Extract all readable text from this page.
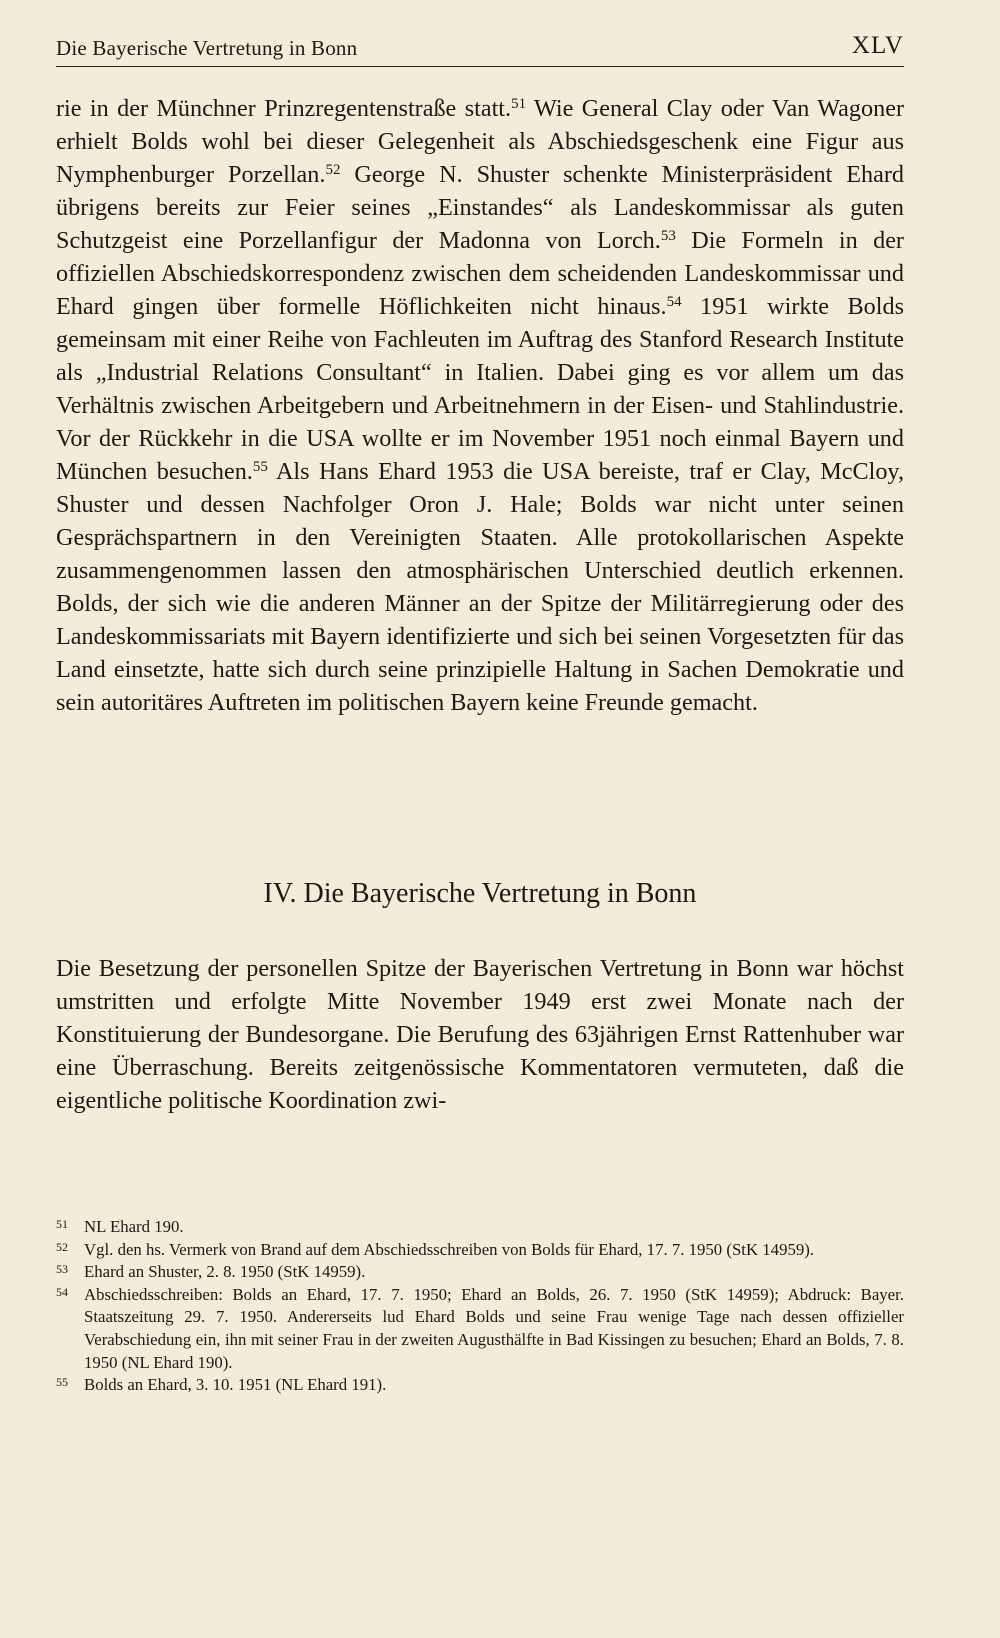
Die Bayerische Vertretung in Bonn	XLV

rie in der Münchner Prinzregentenstraße statt.$^{51}$ Wie General Clay oder Van Wagoner erhielt Bolds wohl bei dieser Gelegenheit als Abschiedsgeschenk eine Figur aus Nymphenburger Porzellan.$^{52}$ George N. Shuster schenkte Ministerpräsident Ehard übrigens bereits zur Feier seines „Einstandes“ als Landeskommissar als guten Schutzgeist eine Porzellanfigur der Madonna von Lorch.$^{53}$ Die Formeln in der offiziellen Abschiedskorrespondenz zwischen dem scheidenden Landeskommissar und Ehard gingen über formelle Höflichkeiten nicht hinaus.$^{54}$ 1951 wirkte Bolds gemeinsam mit einer Reihe von Fachleuten im Auftrag des Stanford Research Institute als „Industrial Relations Consultant“ in Italien. Dabei ging es vor allem um das Verhältnis zwischen Arbeitgebern und Arbeitnehmern in der Eisen- und Stahlindustrie. Vor der Rückkehr in die USA wollte er im November 1951 noch einmal Bayern und München besuchen.$^{55}$ Als Hans Ehard 1953 die USA bereiste, traf er Clay, McCloy, Shuster und dessen Nachfolger Oron J. Hale; Bolds war nicht unter seinen Gesprächspartnern in den Vereinigten Staaten. Alle protokollarischen Aspekte zusammengenommen lassen den atmosphärischen Unterschied deutlich erkennen. Bolds, der sich wie die anderen Männer an der Spitze der Militärregierung oder des Landeskommissariats mit Bayern identifizierte und sich bei seinen Vorgesetzten für das Land einsetzte, hatte sich durch seine prinzipielle Haltung in Sachen Demokratie und sein autoritäres Auftreten im politischen Bayern keine Freunde gemacht.

IV. Die Bayerische Vertretung in Bonn

Die Besetzung der personellen Spitze der Bayerischen Vertretung in Bonn war höchst umstritten und erfolgte Mitte November 1949 erst zwei Monate nach der Konstituierung der Bundesorgane. Die Berufung des 63jährigen Ernst Rattenhuber war eine Überraschung. Bereits zeitgenössische Kommentatoren vermuteten, daß die eigentliche politische Koordination zwi-

51 NL Ehard 190.
52 Vgl. den hs. Vermerk von Brand auf dem Abschiedsschreiben von Bolds für Ehard, 17. 7. 1950 (StK 14959).
53 Ehard an Shuster, 2. 8. 1950 (StK 14959).
54 Abschiedsschreiben: Bolds an Ehard, 17. 7. 1950; Ehard an Bolds, 26. 7. 1950 (StK 14959); Abdruck: Bayer. Staatszeitung 29. 7. 1950. Andererseits lud Ehard Bolds und seine Frau wenige Tage nach dessen offizieller Verabschiedung ein, ihn mit seiner Frau in der zweiten Augusthälfte in Bad Kissingen zu besuchen; Ehard an Bolds, 7. 8. 1950 (NL Ehard 190).
55 Bolds an Ehard, 3. 10. 1951 (NL Ehard 191).
